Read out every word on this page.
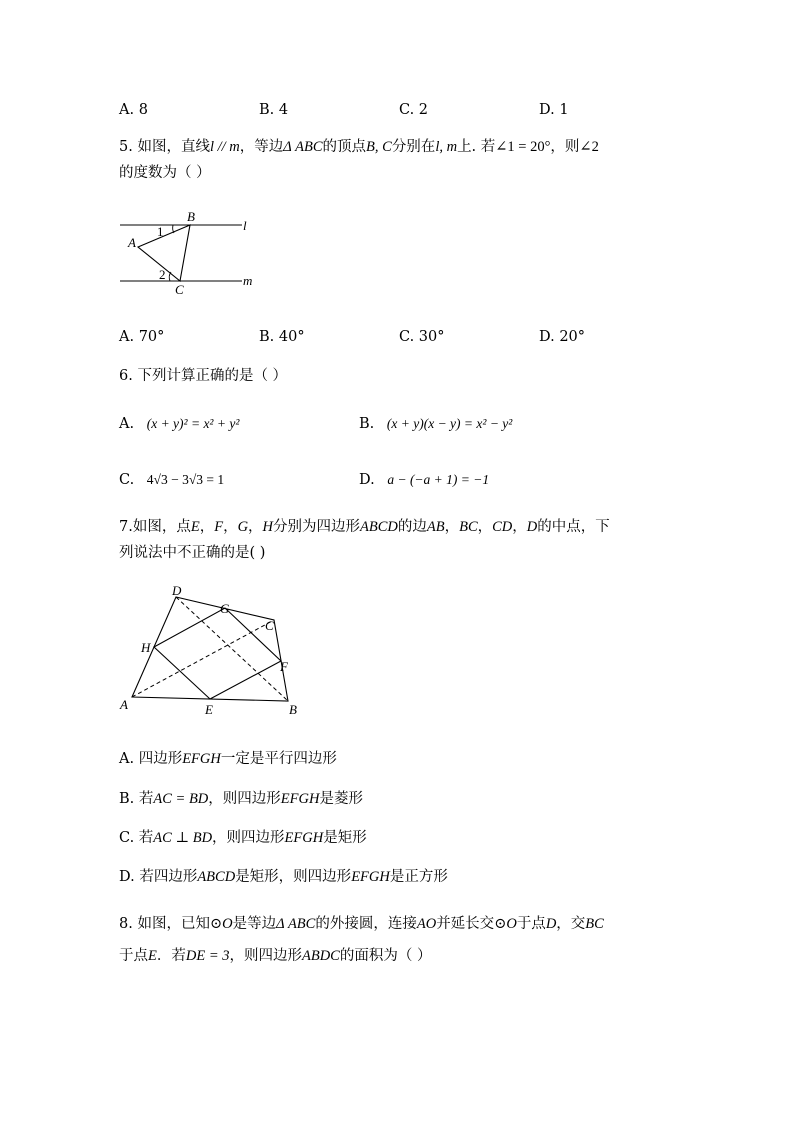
A. 8	B. 4	C. 2	D. 1
5. 如图，直线l // m，等边Δ ABC的顶点B, C分别在l, m上. 若∠1 = 20°，则∠2
的度数为（ ）
B
l
1
A
2
C
m
A. 70°	B. 40°	C. 30°	D. 20°
6. 下列计算正确的是（ ）
A. (x + y)² = x² + y²	B. (x + y)(x − y) = x² − y²
C. 4√3 − 3√3 = 1	D. a − (−a + 1) = −1
7.如图，点E，F，G，H分别为四边形ABCD的边AB，BC，CD，D的中点，下
列说法中不正确的是( )
D
G
C
H
F
A	E	B
A. 四边形EFGH一定是平行四边形
B. 若AC = BD，则四边形EFGH是菱形
C. 若AC ⊥ BD，则四边形EFGH是矩形
D. 若四边形ABCD是矩形，则四边形EFGH是正方形
8. 如图，已知⊙O是等边Δ ABC的外接圆，连接AO并延长交⊙O于点D，交BC
于点E．若DE = 3，则四边形ABDC的面积为（ ）
